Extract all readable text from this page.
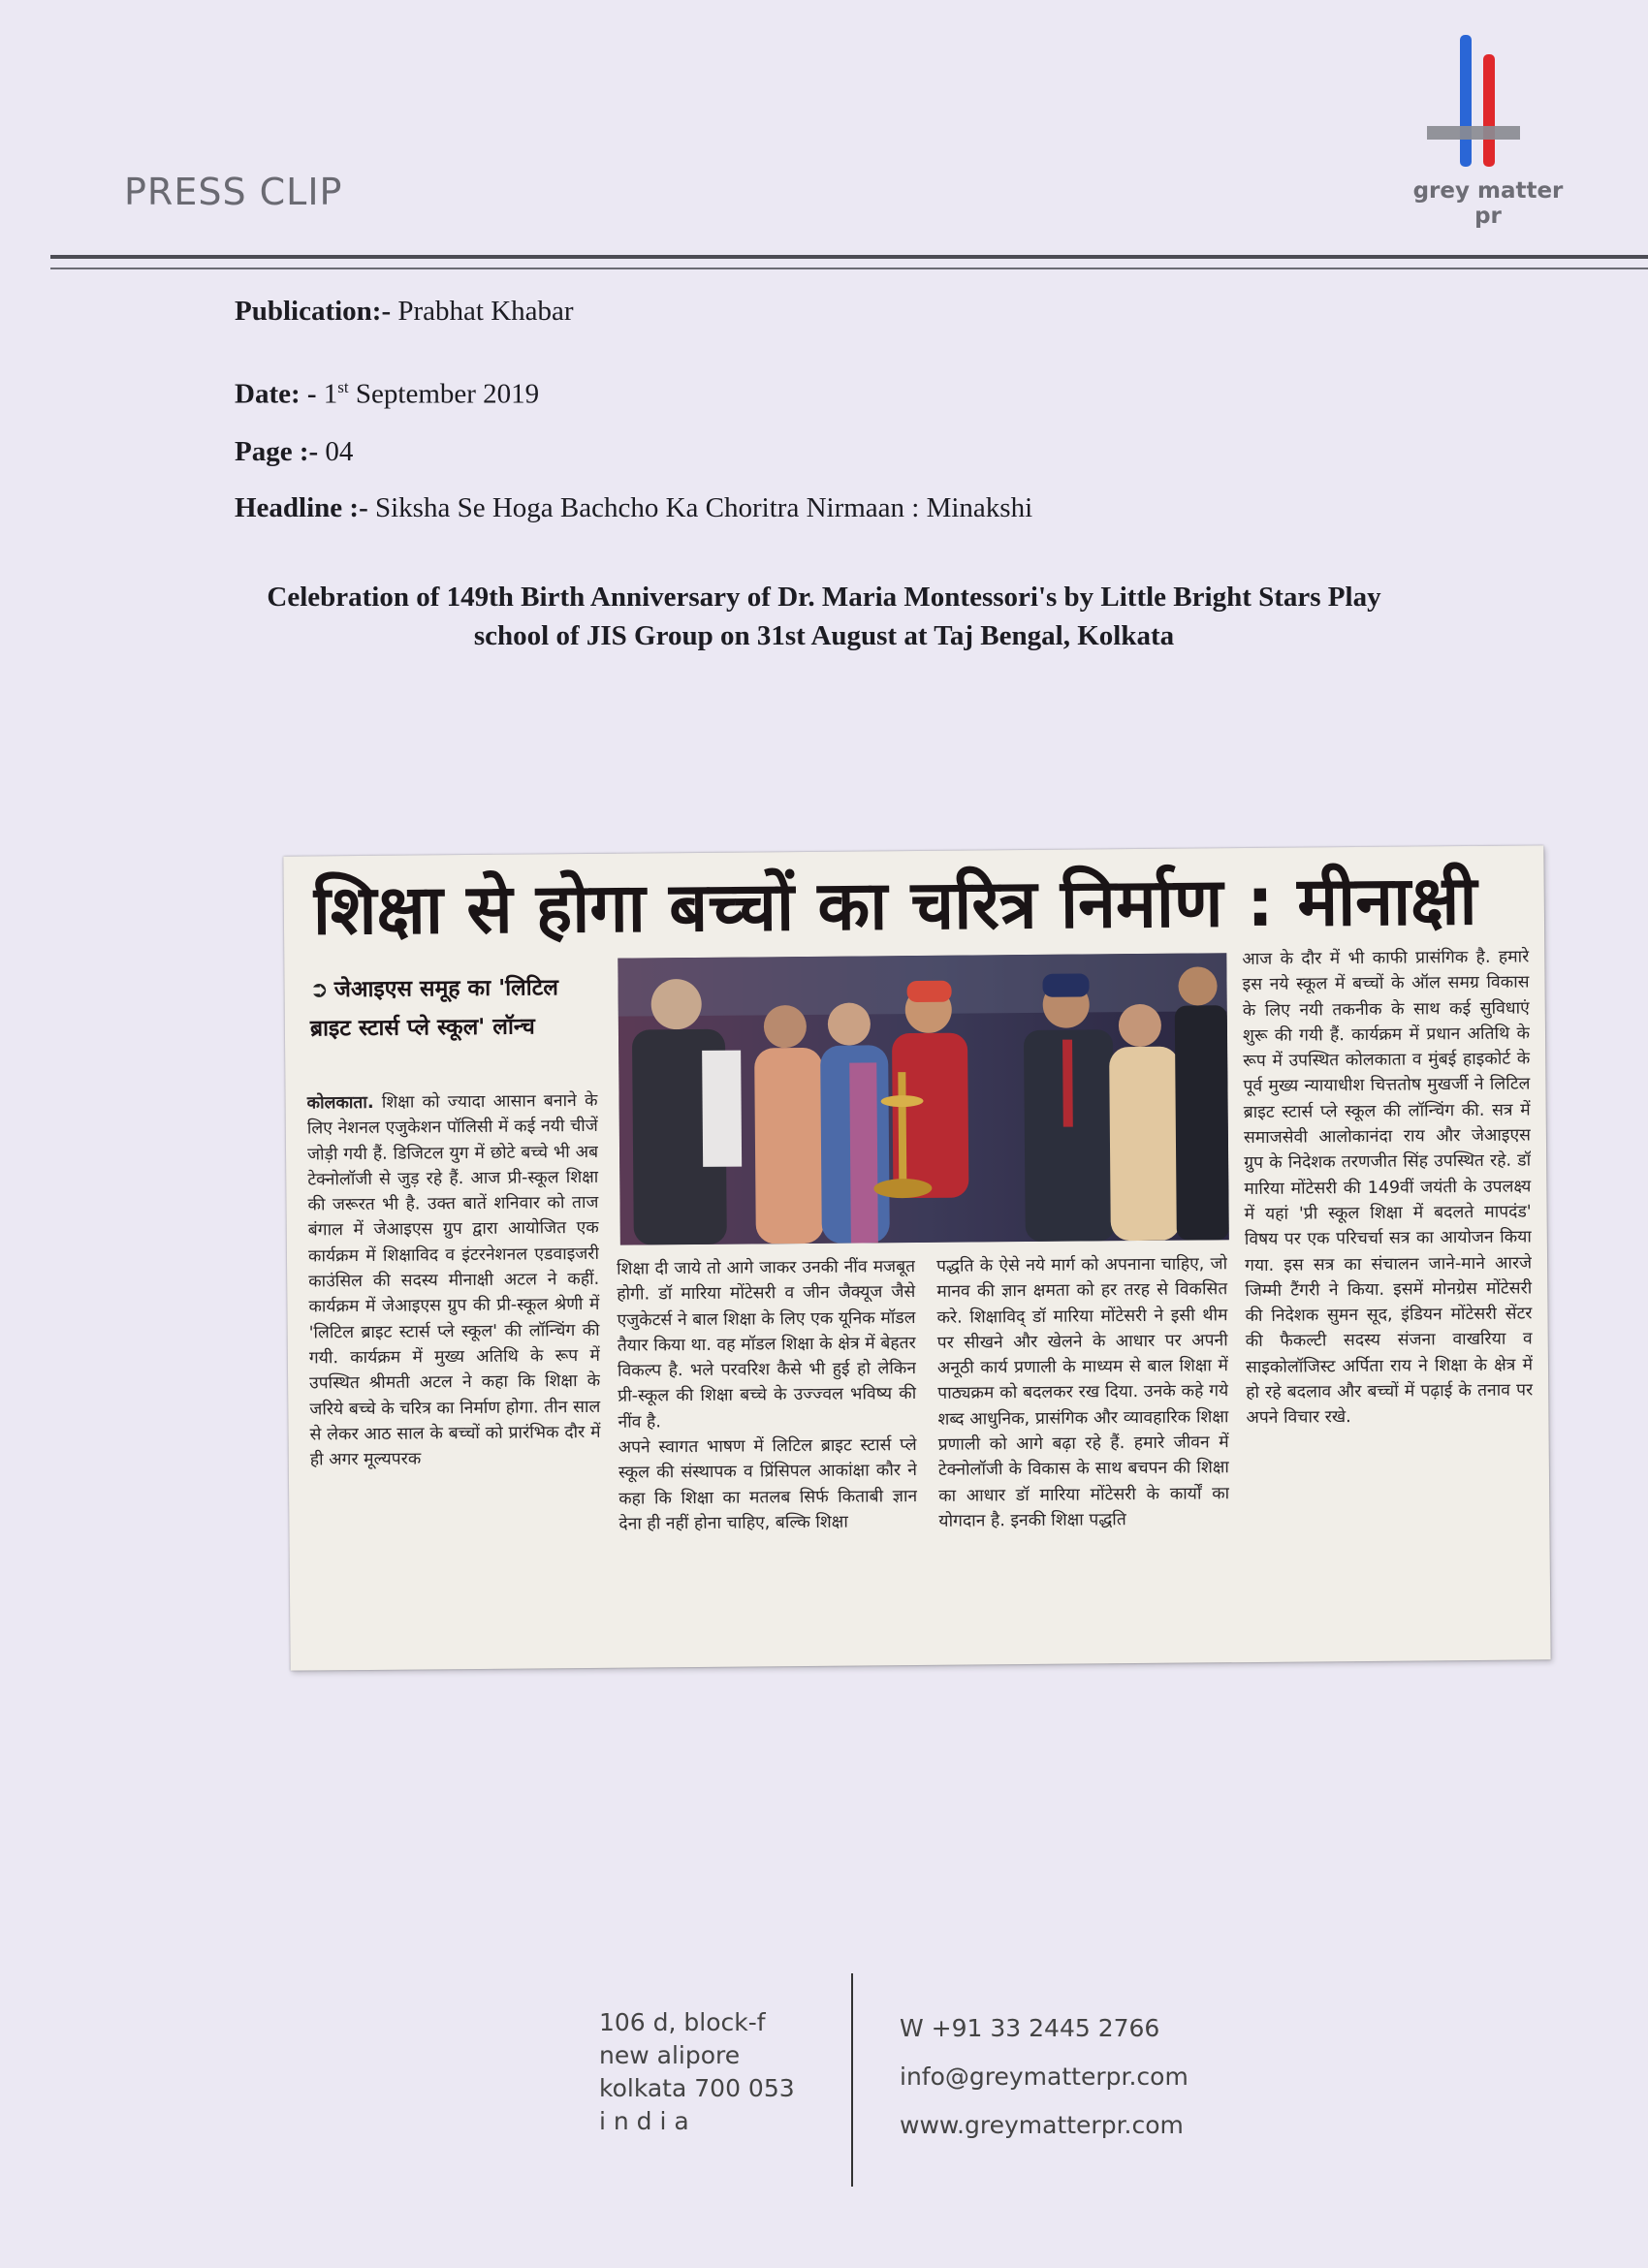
PRESS CLIP	grey matter pr
Publication:- Prabhat Khabar
Date: - 1st September 2019
Page :- 04
Headline :- Siksha Se Hoga Bachcho Ka Choritra Nirmaan : Minakshi
Celebration of 149th Birth Anniversary of Dr. Maria Montessori's by Little Bright Stars Play school of JIS Group on 31st August at Taj Bengal, Kolkata
शिक्षा से होगा बच्चों का चरित्र निर्माण : मीनाक्षी
➲ जेआइएस समूह का 'लिटिल ब्राइट स्टार्स प्ले स्कूल' लॉन्च

कोलकाता. शिक्षा को ज्यादा आसान बनाने के लिए नेशनल एजुकेशन पॉलिसी में कई नयी चीजें जोड़ी गयी हैं. डिजिटल युग में छोटे बच्चे भी अब टेक्नोलॉजी से जुड़ रहे हैं. आज प्री-स्कूल शिक्षा की जरूरत भी है. उक्त बातें शनिवार को ताज बंगाल में जेआइएस ग्रुप द्वारा आयोजित एक कार्यक्रम में शिक्षाविद व इंटरनेशनल एडवाइजरी काउंसिल की सदस्य मीनाक्षी अटल ने कहीं. कार्यक्रम में जेआइएस ग्रुप की प्री-स्कूल श्रेणी में 'लिटिल ब्राइट स्टार्स प्ले स्कूल' की लॉन्चिंग की गयी. कार्यक्रम में मुख्य अतिथि के रूप में उपस्थित श्रीमती अटल ने कहा कि शिक्षा के जरिये बच्चे के चरित्र का निर्माण होगा. तीन साल से लेकर आठ साल के बच्चों को प्रारंभिक दौर में ही अगर मूल्यपरक

शिक्षा दी जाये तो आगे जाकर उनकी नींव मजबूत होगी. डॉ मारिया मोंटेसरी व जीन जैक्यूज जैसे एजुकेटर्स ने बाल शिक्षा के लिए एक यूनिक मॉडल तैयार किया था. वह मॉडल शिक्षा के क्षेत्र में बेहतर विकल्प है. भले परवरिश कैसे भी हुई हो लेकिन प्री-स्कूल की शिक्षा बच्चे के उज्ज्वल भविष्य की नींव है.

अपने स्वागत भाषण में लिटिल ब्राइट स्टार्स प्ले स्कूल की संस्थापक व प्रिंसिपल आकांक्षा कौर ने कहा कि शिक्षा का मतलब सिर्फ किताबी ज्ञान देना ही नहीं होना चाहिए, बल्कि शिक्षा

पद्धति के ऐसे नये मार्ग को अपनाना चाहिए, जो मानव की ज्ञान क्षमता को हर तरह से विकसित करे. शिक्षाविद् डॉ मारिया मोंटेसरी ने इसी थीम पर सीखने और खेलने के आधार पर अपनी अनूठी कार्य प्रणाली के माध्यम से बाल शिक्षा में पाठ्यक्रम को बदलकर रख दिया. उनके कहे गये शब्द आधुनिक, प्रासंगिक और व्यावहारिक शिक्षा प्रणाली को आगे बढ़ा रहे हैं. हमारे जीवन में टेक्नोलॉजी के विकास के साथ बचपन की शिक्षा का आधार डॉ मारिया मोंटेसरी के कार्यों का योगदान है. इनकी शिक्षा पद्धति

आज के दौर में भी काफी प्रासंगिक है. हमारे इस नये स्कूल में बच्चों के ऑल समग्र विकास के लिए नयी तकनीक के साथ कई सुविधाएं शुरू की गयी हैं. कार्यक्रम में प्रधान अतिथि के रूप में उपस्थित कोलकाता व मुंबई हाइकोर्ट के पूर्व मुख्य न्यायाधीश चित्ततोष मुखर्जी ने लिटिल ब्राइट स्टार्स प्ले स्कूल की लॉन्चिंग की. सत्र में समाजसेवी आलोकानंदा राय और जेआइएस ग्रुप के निदेशक तरणजीत सिंह उपस्थित रहे. डॉ मारिया मोंटेसरी की 149वीं जयंती के उपलक्ष्य में यहां 'प्री स्कूल शिक्षा में बदलते मापदंड' विषय पर एक परिचर्चा सत्र का आयोजन किया गया. इस सत्र का संचालन जाने-माने आरजे जिम्मी टैंगरी ने किया. इसमें मोनग्रेस मोंटेसरी की निदेशक सुमन सूद, इंडियन मोंटेसरी सेंटर की फैकल्टी सदस्य संजना वाखरिया व साइकोलॉजिस्ट अर्पिता राय ने शिक्षा के क्षेत्र में हो रहे बदलाव और बच्चों में पढ़ाई के तनाव पर अपने विचार रखे.

106 d, block-f
new alipore
kolkata 700 053
i n d i a
W +91 33 2445 2766
info@greymatterpr.com
www.greymatterpr.com
